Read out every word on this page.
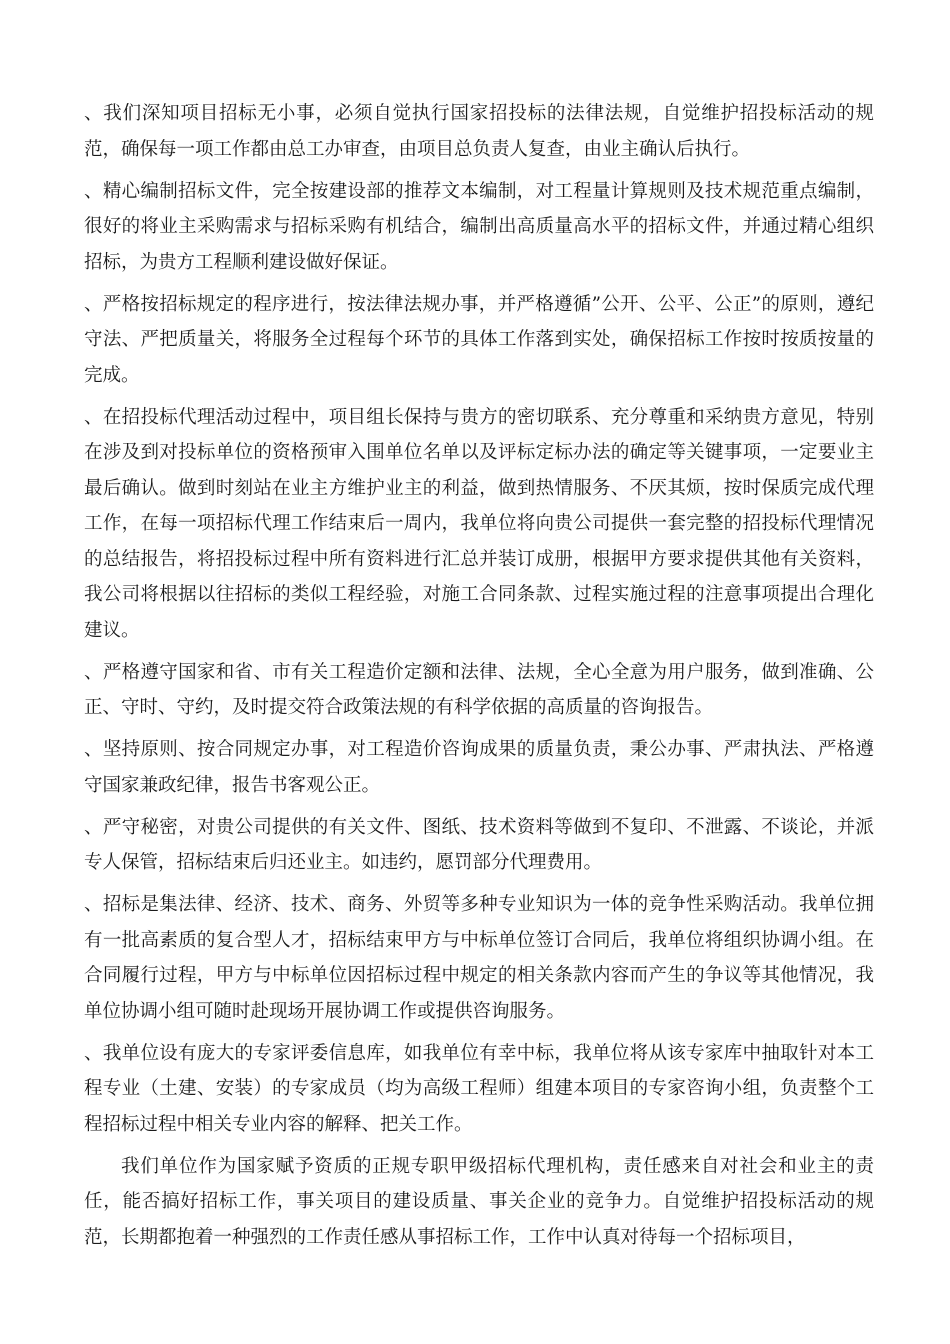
、我们深知项目招标无小事，必须自觉执行国家招投标的法律法规，自觉维护招投标活动的规范，确保每一项工作都由总工办审查，由项目总负责人复查，由业主确认后执行。

、精心编制招标文件，完全按建设部的推荐文本编制，对工程量计算规则及技术规范重点编制，很好的将业主采购需求与招标采购有机结合，编制出高质量高水平的招标文件，并通过精心组织招标，为贵方工程顺利建设做好保证。

、严格按招标规定的程序进行，按法律法规办事，并严格遵循”公开、公平、公正”的原则，遵纪守法、严把质量关，将服务全过程每个环节的具体工作落到实处，确保招标工作按时按质按量的完成。

、在招投标代理活动过程中，项目组长保持与贵方的密切联系、充分尊重和采纳贵方意见，特别在涉及到对投标单位的资格预审入围单位名单以及评标定标办法的确定等关键事项，一定要业主最后确认。做到时刻站在业主方维护业主的利益，做到热情服务、不厌其烦，按时保质完成代理工作，在每一项招标代理工作结束后一周内，我单位将向贵公司提供一套完整的招投标代理情况的总结报告，将招投标过程中所有资料进行汇总并装订成册，根据甲方要求提供其他有关资料，我公司将根据以往招标的类似工程经验，对施工合同条款、过程实施过程的注意事项提出合理化建议。

、严格遵守国家和省、市有关工程造价定额和法律、法规，全心全意为用户服务，做到准确、公正、守时、守约，及时提交符合政策法规的有科学依据的高质量的咨询报告。

、坚持原则、按合同规定办事，对工程造价咨询成果的质量负责，秉公办事、严肃执法、严格遵守国家兼政纪律，报告书客观公正。

、严守秘密，对贵公司提供的有关文件、图纸、技术资料等做到不复印、不泄露、不谈论，并派专人保管，招标结束后归还业主。如违约，愿罚部分代理费用。

、招标是集法律、经济、技术、商务、外贸等多种专业知识为一体的竞争性采购活动。我单位拥有一批高素质的复合型人才，招标结束甲方与中标单位签订合同后，我单位将组织协调小组。在合同履行过程，甲方与中标单位因招标过程中规定的相关条款内容而产生的争议等其他情况，我单位协调小组可随时赴现场开展协调工作或提供咨询服务。

、我单位设有庞大的专家评委信息库，如我单位有幸中标，我单位将从该专家库中抽取针对本工程专业（土建、安装）的专家成员（均为高级工程师）组建本项目的专家咨询小组，负责整个工程招标过程中相关专业内容的解释、把关工作。

我们单位作为国家赋予资质的正规专职甲级招标代理机构，责任感来自对社会和业主的责任，能否搞好招标工作，事关项目的建设质量、事关企业的竞争力。自觉维护招投标活动的规范，长期都抱着一种强烈的工作责任感从事招标工作，工作中认真对待每一个招标项目，
